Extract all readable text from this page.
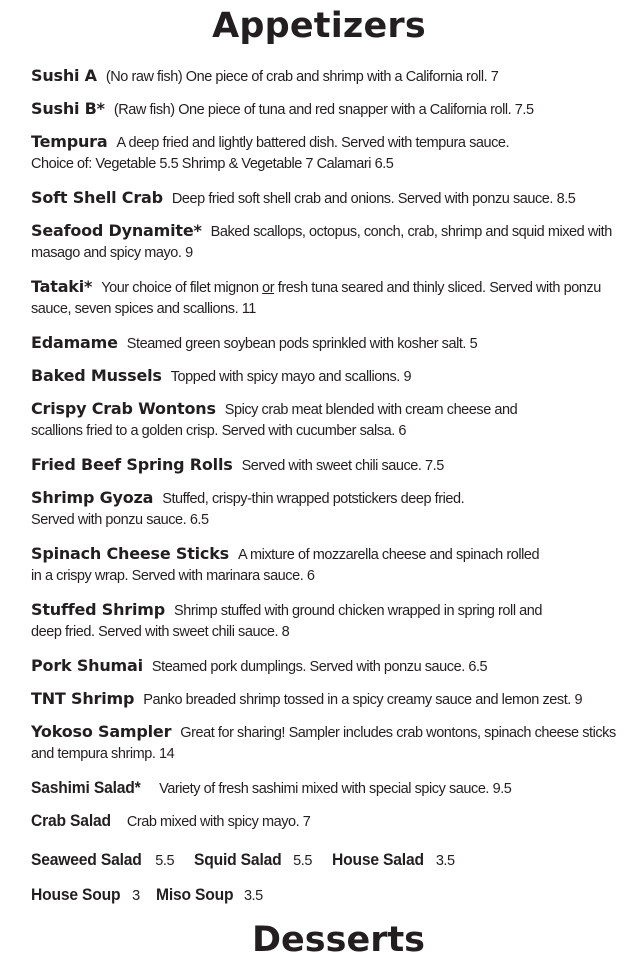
Appetizers
Sushi A (No raw fish) One piece of crab and shrimp with a California roll. 7
Sushi B* (Raw fish) One piece of tuna and red snapper with a California roll. 7.5
Tempura A deep fried and lightly battered dish. Served with tempura sauce.
Choice of: Vegetable 5.5 Shrimp & Vegetable 7 Calamari 6.5
Soft Shell Crab Deep fried soft shell crab and onions. Served with ponzu sauce. 8.5
Seafood Dynamite* Baked scallops, octopus, conch, crab, shrimp and squid mixed with
masago and spicy mayo. 9
Tataki* Your choice of filet mignon or fresh tuna seared and thinly sliced. Served with ponzu
sauce, seven spices and scallions. 11
Edamame Steamed green soybean pods sprinkled with kosher salt. 5
Baked Mussels Topped with spicy mayo and scallions. 9
Crispy Crab Wontons Spicy crab meat blended with cream cheese and
scallions fried to a golden crisp. Served with cucumber salsa. 6
Fried Beef Spring Rolls Served with sweet chili sauce. 7.5
Shrimp Gyoza Stuffed, crispy-thin wrapped potstickers deep fried.
Served with ponzu sauce. 6.5
Spinach Cheese Sticks A mixture of mozzarella cheese and spinach rolled
in a crispy wrap. Served with marinara sauce. 6
Stuffed Shrimp Shrimp stuffed with ground chicken wrapped in spring roll and
deep fried. Served with sweet chili sauce. 8
Pork Shumai Steamed pork dumplings. Served with ponzu sauce. 6.5
TNT Shrimp Panko breaded shrimp tossed in a spicy creamy sauce and lemon zest. 9
Yokoso Sampler Great for sharing! Sampler includes crab wontons, spinach cheese sticks
and tempura shrimp. 14
Sashimi Salad* Variety of fresh sashimi mixed with special spicy sauce. 9.5
Crab Salad Crab mixed with spicy mayo. 7
Seaweed Salad 5.5 Squid Salad 5.5 House Salad 3.5
House Soup 3 Miso Soup 3.5
Desserts
